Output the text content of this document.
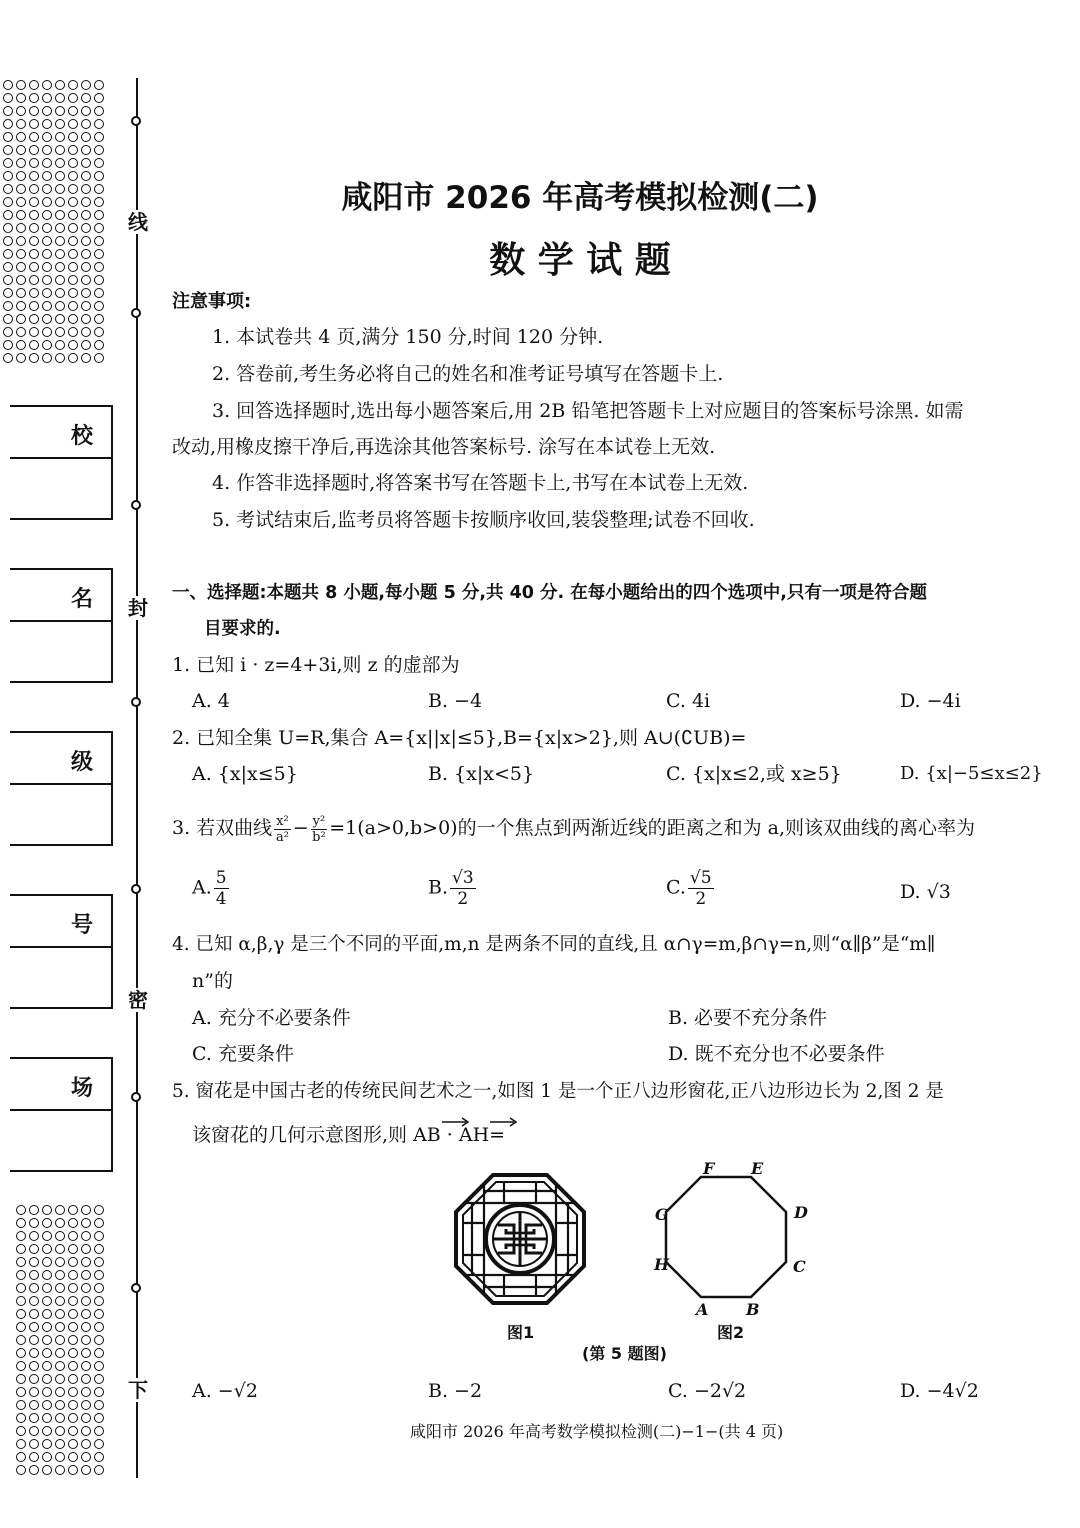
线
封
密
下
校
名
级
号
场
咸阳市 2026 年高考模拟检测(二)
数 学 试 题
注意事项:
1. 本试卷共 4 页,满分 150 分,时间 120 分钟.
2. 答卷前,考生务必将自己的姓名和准考证号填写在答题卡上.
3. 回答选择题时,选出每小题答案后,用 2B 铅笔把答题卡上对应题目的答案标号涂黑. 如需
改动,用橡皮擦干净后,再选涂其他答案标号. 涂写在本试卷上无效.
4. 作答非选择题时,将答案书写在答题卡上,书写在本试卷上无效.
5. 考试结束后,监考员将答题卡按顺序收回,装袋整理;试卷不回收.
一、选择题:本题共 8 小题,每小题 5 分,共 40 分. 在每小题给出的四个选项中,只有一项是符合题
目要求的.
1. 已知 i · z=4+3i,则 z 的虚部为
A. 4	B. −4	C. 4i	D. −4i
2. 已知全集 U=R,集合 A={x||x|≤5},B={x|x>2},则 A∪(∁UB)=
A. {x|x≤5}	B. {x|x<5}	C. {x|x≤2,或 x≥5}	D. {x|−5≤x≤2}
3. 若双曲线 $\frac{\text{x²}}{\text{a²}} - \frac{\text{y²}}{\text{b²}} =1(a>0,b>0)$的一个焦点到两渐近线的距离之和为 a,则该双曲线的离心率为
A. $\frac{5}{4}$	B. $\frac{√3}{2}$	C. $\frac{√5}{2}$	D. √3
4. 已知 α,β,γ 是三个不同的平面,m,n 是两条不同的直线,且 α∩γ=m,β∩γ=n,则“α∥β”是“m∥
n”的
A. 充分不必要条件	B. 必要不充分条件
C. 充要条件	D. 既不充分也不必要条件
5. 窗花是中国古老的传统民间艺术之一,如图 1 是一个正八边形窗花,正八边形边长为 2,图 2 是
该窗花的几何示意图形,则 AB · AH=
图1
A B
C
D
E
F
G
H
图2
(第 5 题图)
A. −√2	B. −2	C. −2√2	D. −4√2
咸阳市 2026 年高考数学模拟检测(二)−1−(共 4 页)
